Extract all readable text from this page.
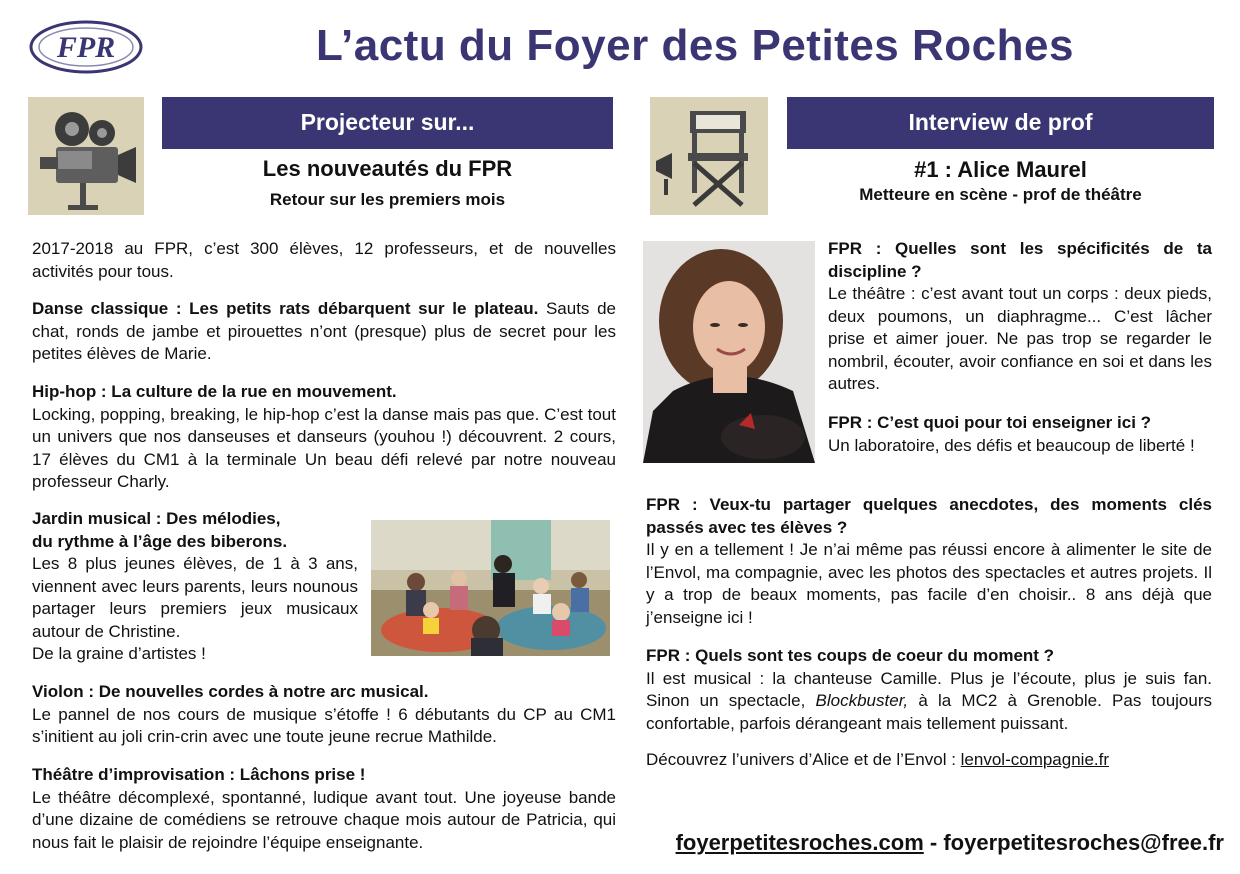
FPR	L’actu du Foyer des Petites Roches
Projecteur sur...
Les nouveautés du FPR
Retour sur les premiers mois

2017-2018 au FPR, c’est 300 élèves, 12 professeurs, et de nouvelles activités pour tous.

Danse classique : Les petits rats débarquent sur le plateau. Sauts de chat, ronds de jambe et pirouettes n’ont (presque) plus de secret pour les petites élèves de Marie.

Hip-hop : La culture de la rue en mouvement.
Locking, popping, breaking, le hip-hop c’est la danse mais pas que. C’est tout un univers que nos danseuses et danseurs (youhou !) découvrent. 2 cours, 17 élèves du CM1 à la terminale Un beau défi relevé par notre nouveau professeur Charly.

Jardin musical : Des mélodies,
du rythme à l’âge des biberons.

Les 8 plus jeunes élèves, de 1 à 3 ans, viennent avec leurs parents, leurs nounous partager leurs premiers jeux musicaux autour de Christine.

De la graine d’artistes !

Violon : De nouvelles cordes à notre arc musical.
Le pannel de nos cours de musique s’étoffe ! 6 débutants du CP au CM1 s’initient au joli crin-crin avec une toute jeune recrue Mathilde.

Théâtre d’improvisation : Lâchons prise !
Le théâtre décomplexé, spontanné, ludique avant tout. Une joyeuse bande d’une dizaine de comédiens se retrouve chaque mois autour de Patricia, qui nous fait le plaisir de rejoindre l’équipe enseignante.

Interview de prof
#1 : Alice Maurel
Metteure en scène - prof de théâtre

FPR : Quelles sont les spécificités de ta discipline ?

Le théâtre : c’est avant tout un corps : deux pieds, deux poumons, un diaphragme... C’est lâcher prise et aimer jouer. Ne pas trop se regarder le nombril, écouter, avoir confiance en soi et dans les autres.

FPR : C’est quoi pour toi enseigner ici ?

Un laboratoire, des défis et beaucoup de liberté !

FPR : Veux-tu partager quelques anecdotes, des moments clés passés avec tes élèves ?

Il y en a tellement ! Je n’ai même pas réussi encore à alimenter le site de l’Envol, ma compagnie, avec les photos des spectacles et autres projets. Il y a trop de beaux moments, pas facile d’en choisir.. 8 ans déjà que j’enseigne ici !

FPR : Quels sont tes coups de coeur du moment ?

Il est musical : la chanteuse Camille. Plus je l’écoute, plus je suis fan. Sinon un spectacle, Blockbuster, à la MC2 à Grenoble. Pas toujours confortable, parfois dérangeant mais tellement puissant.

Découvrez l’univers d’Alice et de l’Envol : lenvol-compagnie.fr

foyerpetitesroches.com - foyerpetitesroches@free.fr
